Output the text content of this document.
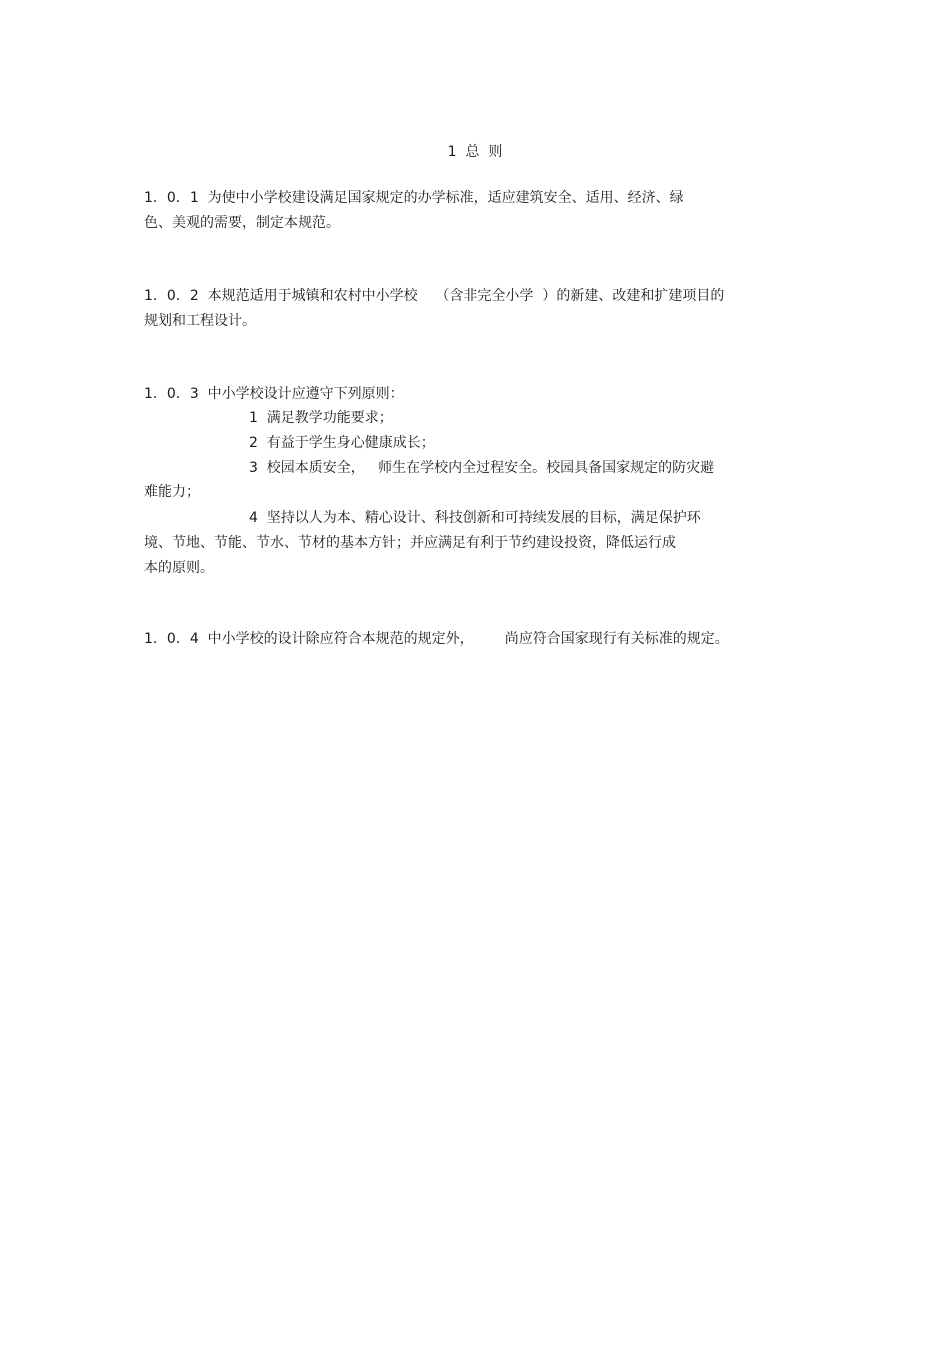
1  总  则

1．0．1  为使中小学校建设满足国家规定的办学标准，适应建筑安全、适用、经济、绿

色、美观的需要，制定本规范。

1．0．2  本规范适用于城镇和农村中小学校    （含非完全小学  ）的新建、改建和扩建项目的

规划和工程设计。

1．0．3  中小学校设计应遵守下列原则：

1  满足教学功能要求；

2  有益于学生身心健康成长；

3  校园本质安全，   师生在学校内全过程安全。校园具备国家规定的防灾避

难能力；

4  坚持以人为本、精心设计、科技创新和可持续发展的目标，满足保护环

境、节地、节能、节水、节材的基本方针；并应满足有利于节约建设投资，降低运行成

本的原则。

1．0．4  中小学校的设计除应符合本规范的规定外，       尚应符合国家现行有关标准的规定。
